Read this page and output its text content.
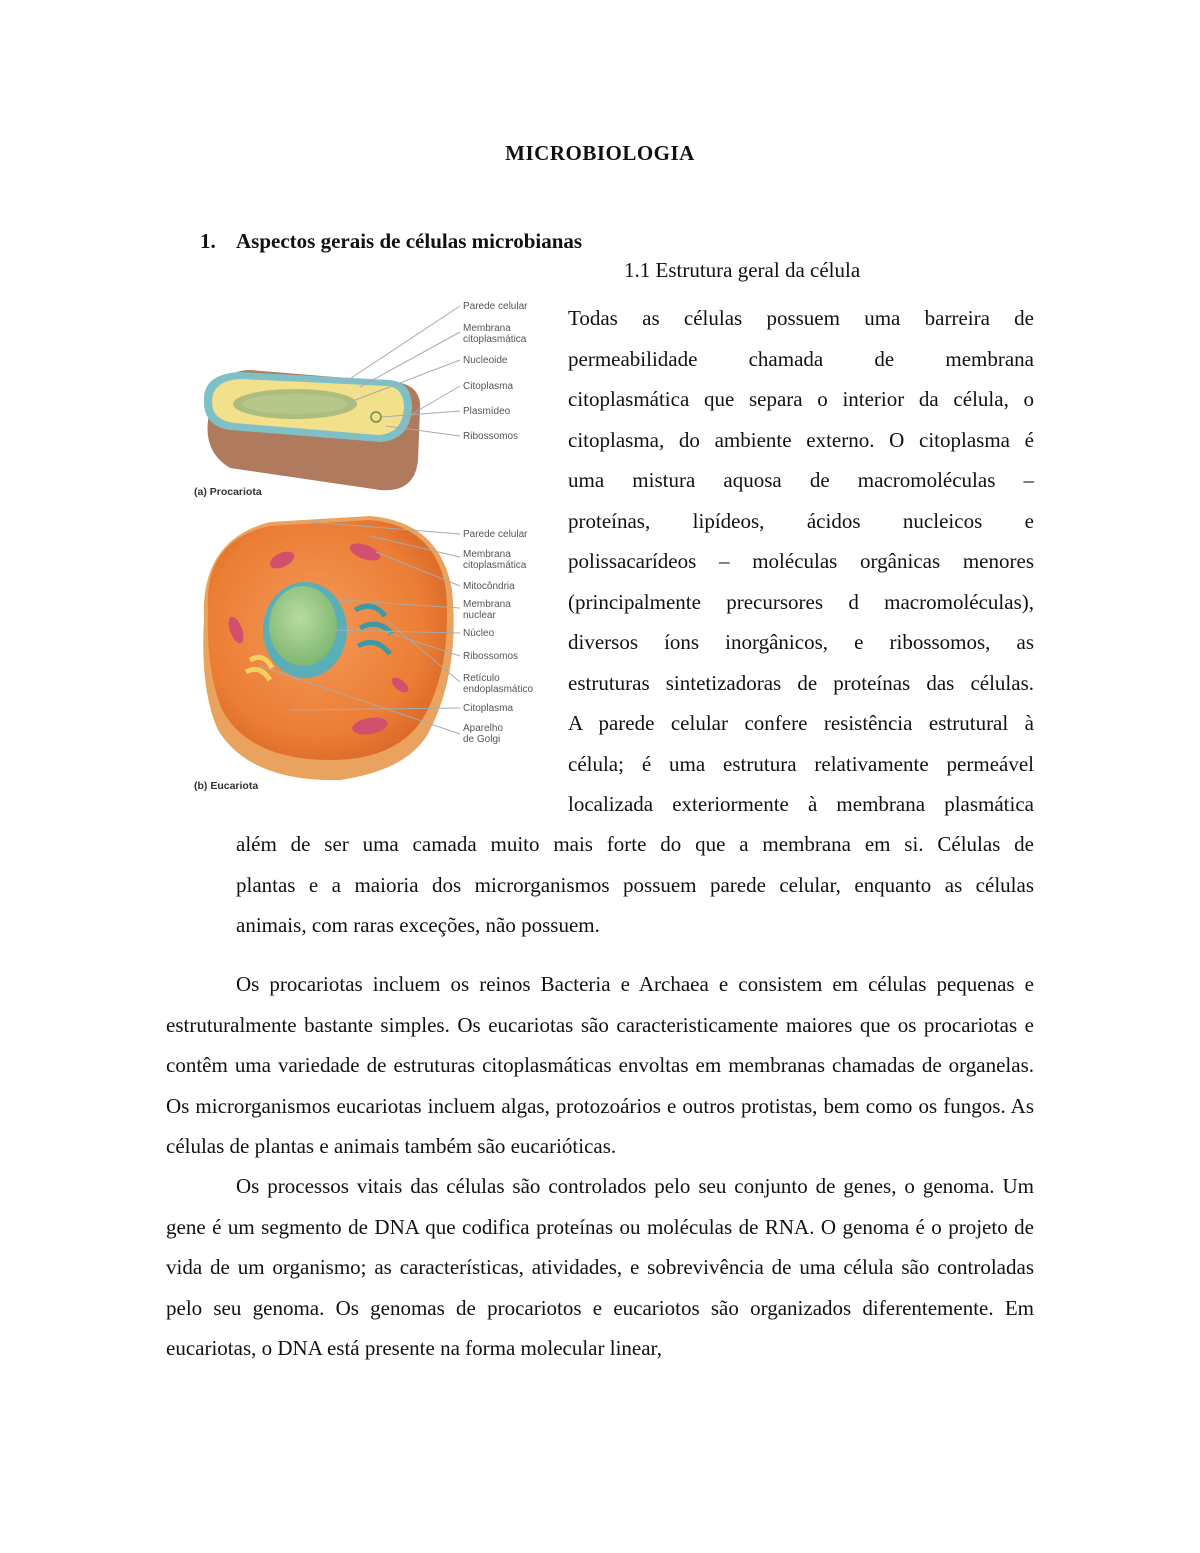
MICROBIOLOGIA
1. Aspectos gerais de células microbianas
1.1 Estrutura geral da célula
Parede celular
Membrana
citoplasmática
Nucleoide
Citoplasma
Plasmídeo
Ribossomos
(a) Procariota
Parede celular
Membrana
citoplasmática
Mitocôndria
Membrana
nuclear
Núcleo
Ribossomos
Retículo
endoplasmático
Citoplasma
Aparelho
de Golgi
(b) Eucariota

Todas as células possuem uma barreira de
permeabilidade chamada de membrana
citoplasmática que separa o interior da célula, o
citoplasma, do ambiente externo. O citoplasma é
uma mistura aquosa de macromoléculas –
proteínas, lipídeos, ácidos nucleicos e
polissacarídeos – moléculas orgânicas menores
(principalmente precursores d macromoléculas),
diversos íons inorgânicos, e ribossomos, as
estruturas sintetizadoras de proteínas das células.
A parede celular confere resistência estrutural à
célula; é uma estrutura relativamente permeável
localizada exteriormente à membrana plasmática

além de ser uma camada muito mais forte do que a membrana em si. Células de
plantas e a maioria dos microrganismos possuem parede celular, enquanto as células
animais, com raras exceções, não possuem.

Os procariotas incluem os reinos Bacteria e Archaea e consistem em células pequenas e estruturalmente bastante simples. Os eucariotas são caracteristicamente maiores que os procariotas e contêm uma variedade de estruturas citoplasmáticas envoltas em membranas chamadas de organelas. Os microrganismos eucariotas incluem algas, protozoários e outros protistas, bem como os fungos. As células de plantas e animais também são eucarióticas.

Os processos vitais das células são controlados pelo seu conjunto de genes, o genoma. Um gene é um segmento de DNA que codifica proteínas ou moléculas de RNA. O genoma é o projeto de vida de um organismo; as características, atividades, e sobrevivência de uma célula são controladas pelo seu genoma. Os genomas de procariotos e eucariotos são organizados diferentemente. Em eucariotas, o DNA está presente na forma molecular linear,
